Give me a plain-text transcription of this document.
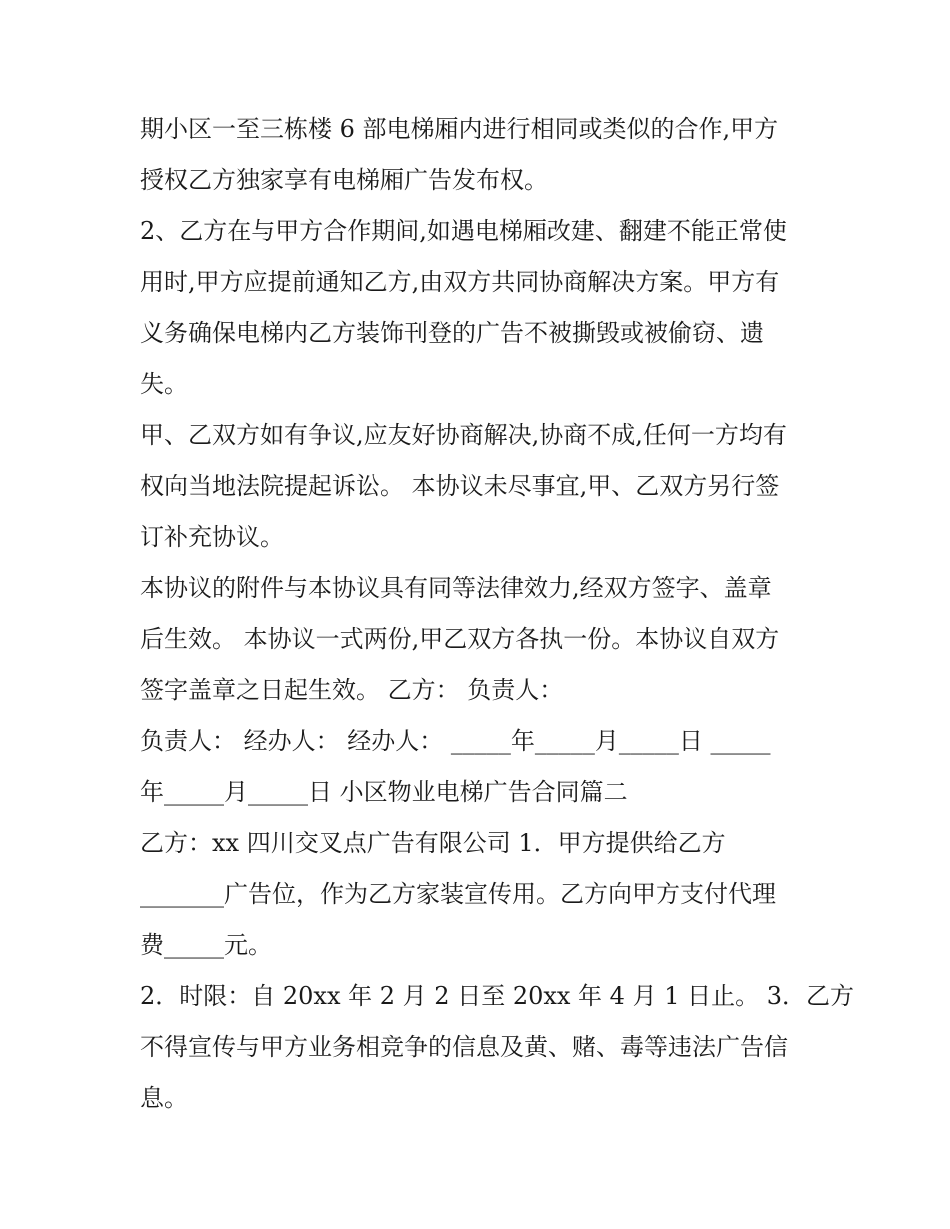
期小区一至三栋楼 6 部电梯厢内进行相同或类似的合作,甲方
授权乙方独家享有电梯厢广告发布权。
2、乙方在与甲方合作期间,如遇电梯厢改建、翻建不能正常使
用时,甲方应提前通知乙方,由双方共同协商解决方案。甲方有
义务确保电梯内乙方装饰刊登的广告不被撕毁或被偷窃、遗
失。
甲、乙双方如有争议,应友好协商解决,协商不成,任何一方均有
权向当地法院提起诉讼。 本协议未尽事宜,甲、乙双方另行签
订补充协议。
本协议的附件与本协议具有同等法律效力,经双方签字、盖章
后生效。 本协议一式两份,甲乙双方各执一份。本协议自双方
签字盖章之日起生效。 乙方： 负责人：
负责人： 经办人： 经办人： _____年_____月_____日 _____
年_____月_____日 小区物业电梯广告合同篇二
乙方：xx 四川交叉点广告有限公司 1．甲方提供给乙方
_______广告位，作为乙方家装宣传用。乙方向甲方支付代理
费_____元。
2．时限：自 20xx 年 2 月 2 日至 20xx 年 4 月 1 日止。 3．乙方
不得宣传与甲方业务相竞争的信息及黄、赌、毒等违法广告信
息。
